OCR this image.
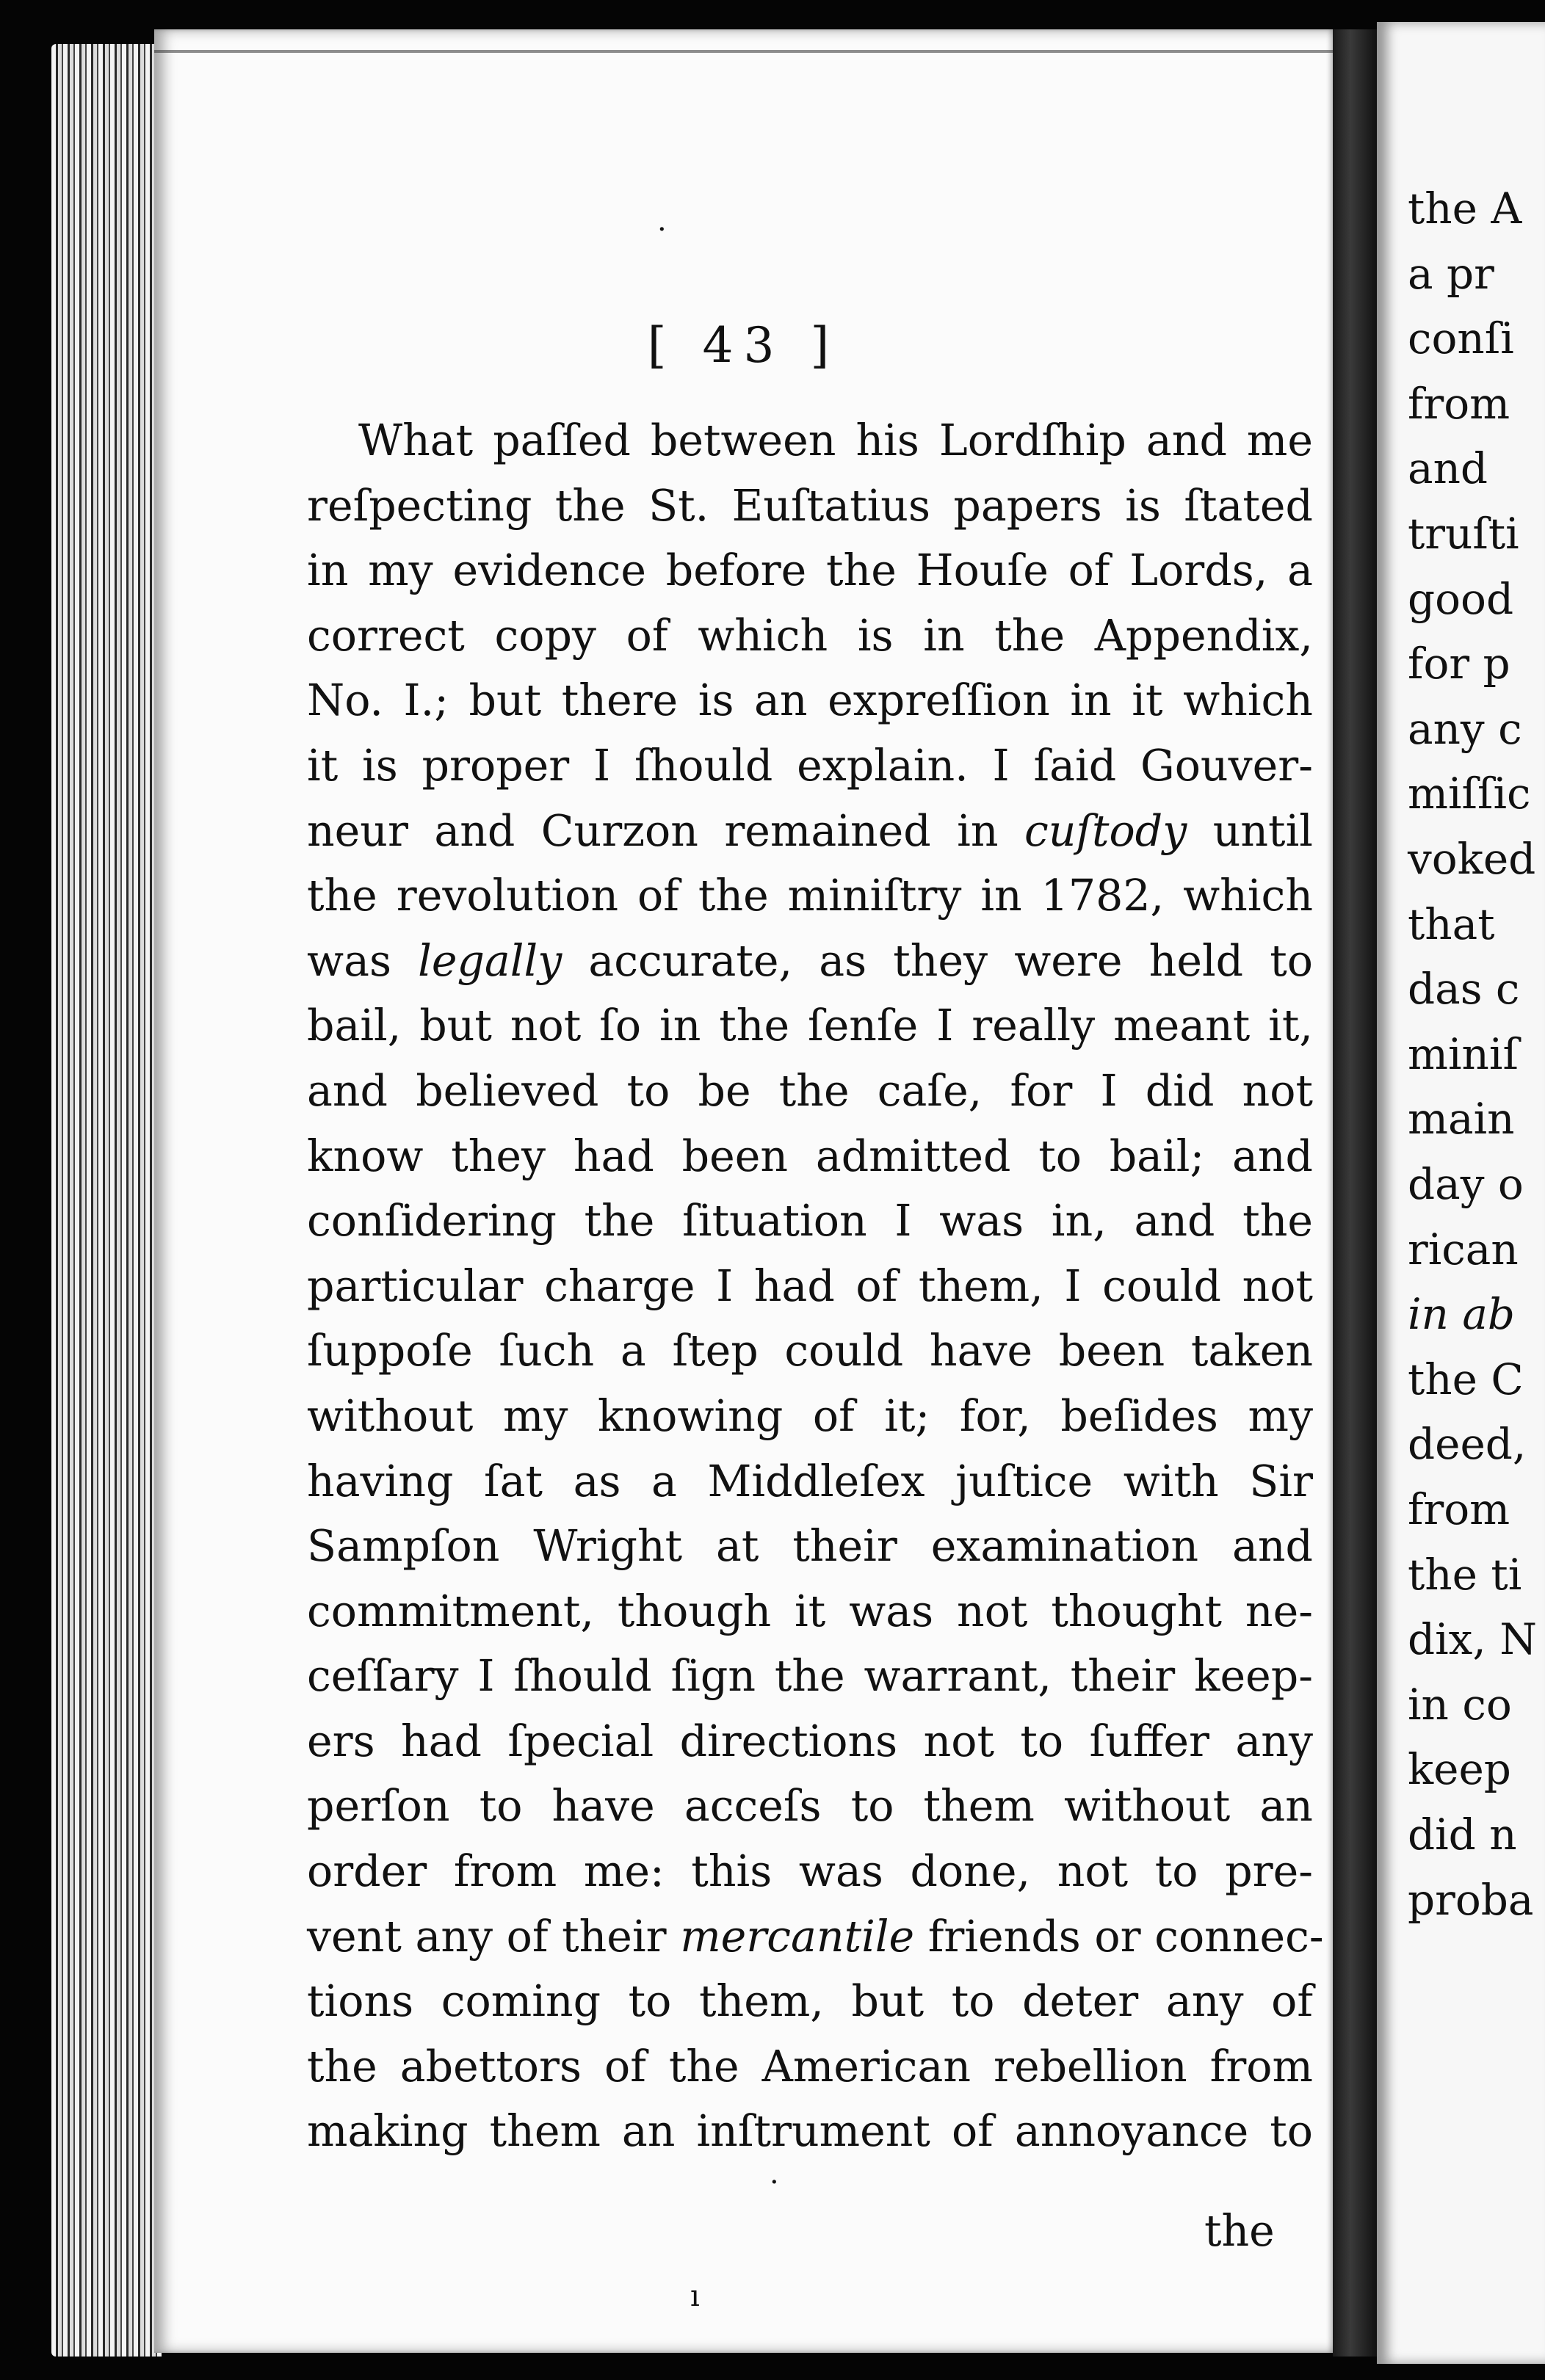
the A
a pr
conſi
from
and
truſti
good
for p
any c
miſſic
voked
that
das c
miniſ
main
day o
rican
in ab
the C
deed,
from
the ti
dix, N
in co
keep
did n
proba
[ 43 ]
What paſſed between his Lordſhip and me
reſpecting the St. Euſtatius papers is ſtated
in my evidence before the Houſe of Lords, a
correct copy of which is in the Appendix,
No. I.; but there is an expreſſion in it which
it is proper I ſhould explain. I ſaid Gouver-
neur and Curzon remained in cuſtody until
the revolution of the miniſtry in 1782, which
was legally accurate, as they were held to
bail, but not ſo in the ſenſe I really meant it,
and believed to be the caſe, for I did not
know they had been admitted to bail; and
conſidering the ſituation I was in, and the
particular charge I had of them, I could not
ſuppoſe ſuch a ſtep could have been taken
without my knowing of it; for, beſides my
having ſat as a Middleſex juſtice with Sir
Sampſon Wright at their examination and
commitment, though it was not thought ne-
ceſſary I ſhould ſign the warrant, their keep-
ers had ſpecial directions not to ſuffer any
perſon to have acceſs to them without an
order from me: this was done, not to pre-
vent any of their mercantile friends or connec-
tions coming to them, but to deter any of
the abettors of the American rebellion from
making them an inſtrument of annoyance to
the
·
·
ı
